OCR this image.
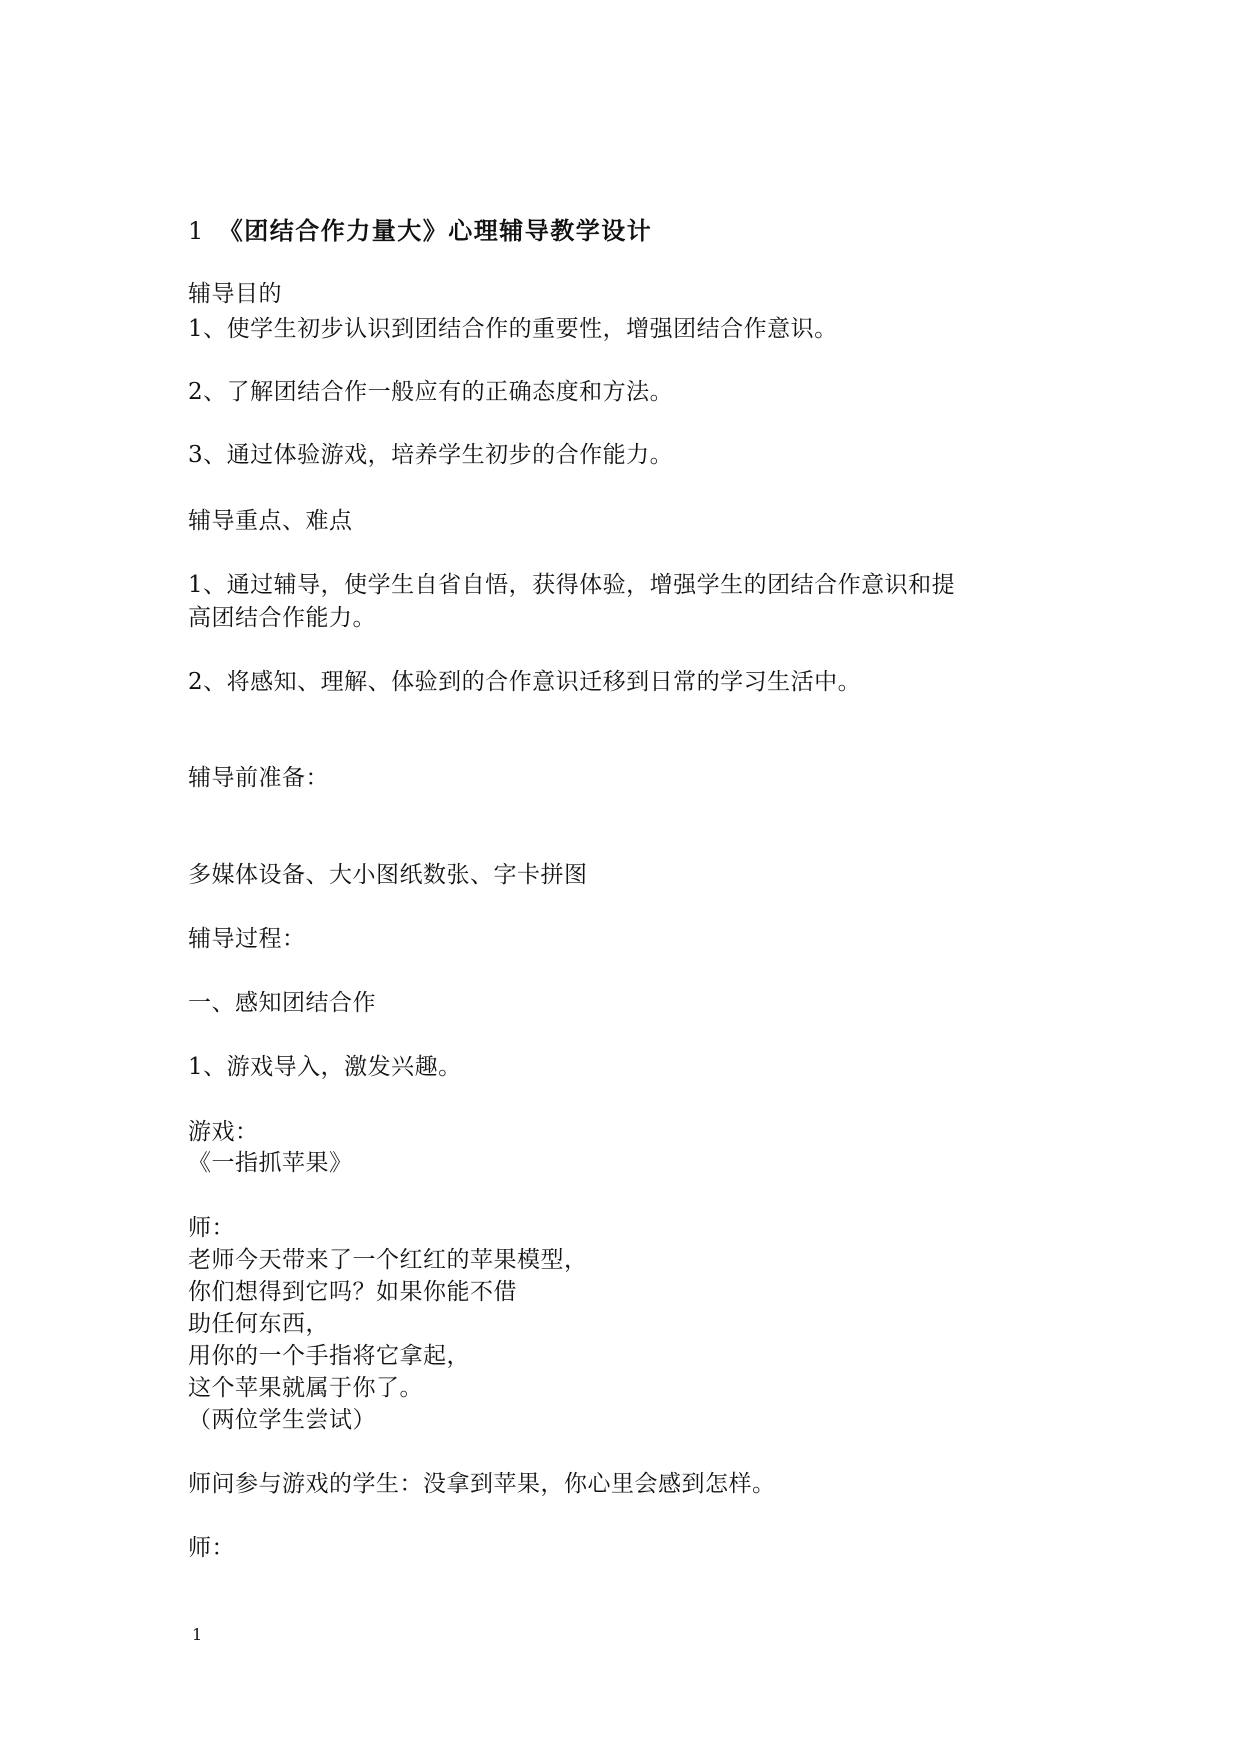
1 《团结合作力量大》心理辅导教学设计
辅导目的
1、使学生初步认识到团结合作的重要性，增强团结合作意识。
2、了解团结合作一般应有的正确态度和方法。
3、通过体验游戏，培养学生初步的合作能力。
辅导重点、难点
1、通过辅导，使学生自省自悟，获得体验，增强学生的团结合作意识和提
高团结合作能力。
2、将感知、理解、体验到的合作意识迁移到日常的学习生活中。
辅导前准备：
多媒体设备、大小图纸数张、字卡拼图
辅导过程：
一、感知团结合作
1、游戏导入，激发兴趣。
游戏：
《一指抓苹果》
师：
老师今天带来了一个红红的苹果模型，
你们想得到它吗？如果你能不借
助任何东西，
用你的一个手指将它拿起，
这个苹果就属于你了。
（两位学生尝试）
师问参与游戏的学生：没拿到苹果，你心里会感到怎样。
师：
1
